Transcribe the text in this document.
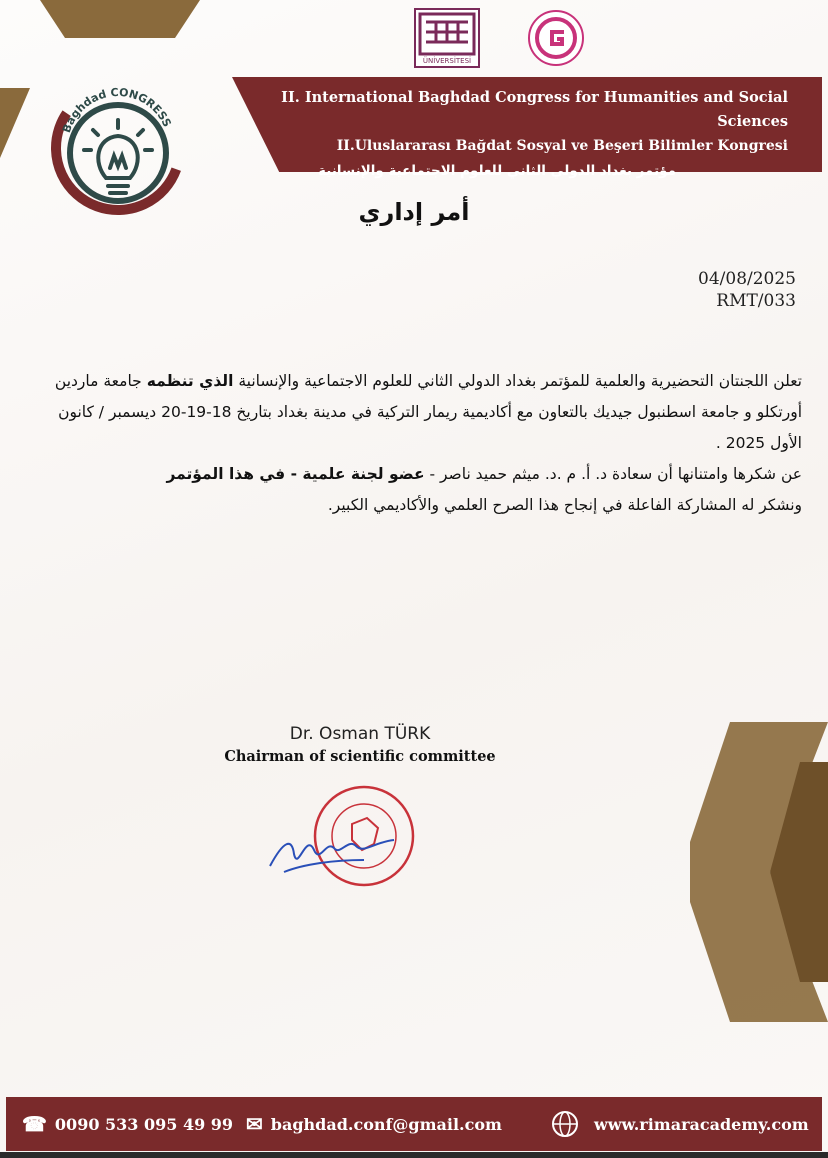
Baghdad CONGRESS
ÜNİVERSİTESİ
II. International Baghdad Congress for Humanities and Social Sciences
II.Uluslararası Bağdat Sosyal ve Beşeri Bilimler Kongresi
مؤتمر بغداد الدولي الثاني للعلوم الاجتماعية والإنسانية
أمر إداري
04/08/2025
RMT/033
تعلن اللجنتان التحضيرية والعلمية للمؤتمر بغداد الدولي الثاني للعلوم الاجتماعية والإنسانية الذي تنظمه جامعة ماردين أورتكلو و جامعة اسطنبول جيديك بالتعاون مع أكاديمية ريمار التركية في مدينة بغداد بتاريخ 18-19-20 ديسمبر / كانون الأول 2025 .
عن شكرها وامتنانها أن سعادة د. أ. م .د. ميثم حميد ناصر - عضو لجنة علمية - في هذا المؤتمر
ونشكر له المشاركة الفاعلة في إنجاح هذا الصرح العلمي والأكاديمي الكبير.
Dr. Osman TÜRK
Chairman of scientific committee
☎ 0090 533 095 49 99 ✉ baghdad.conf@gmail.com	www.rimaracademy.com
